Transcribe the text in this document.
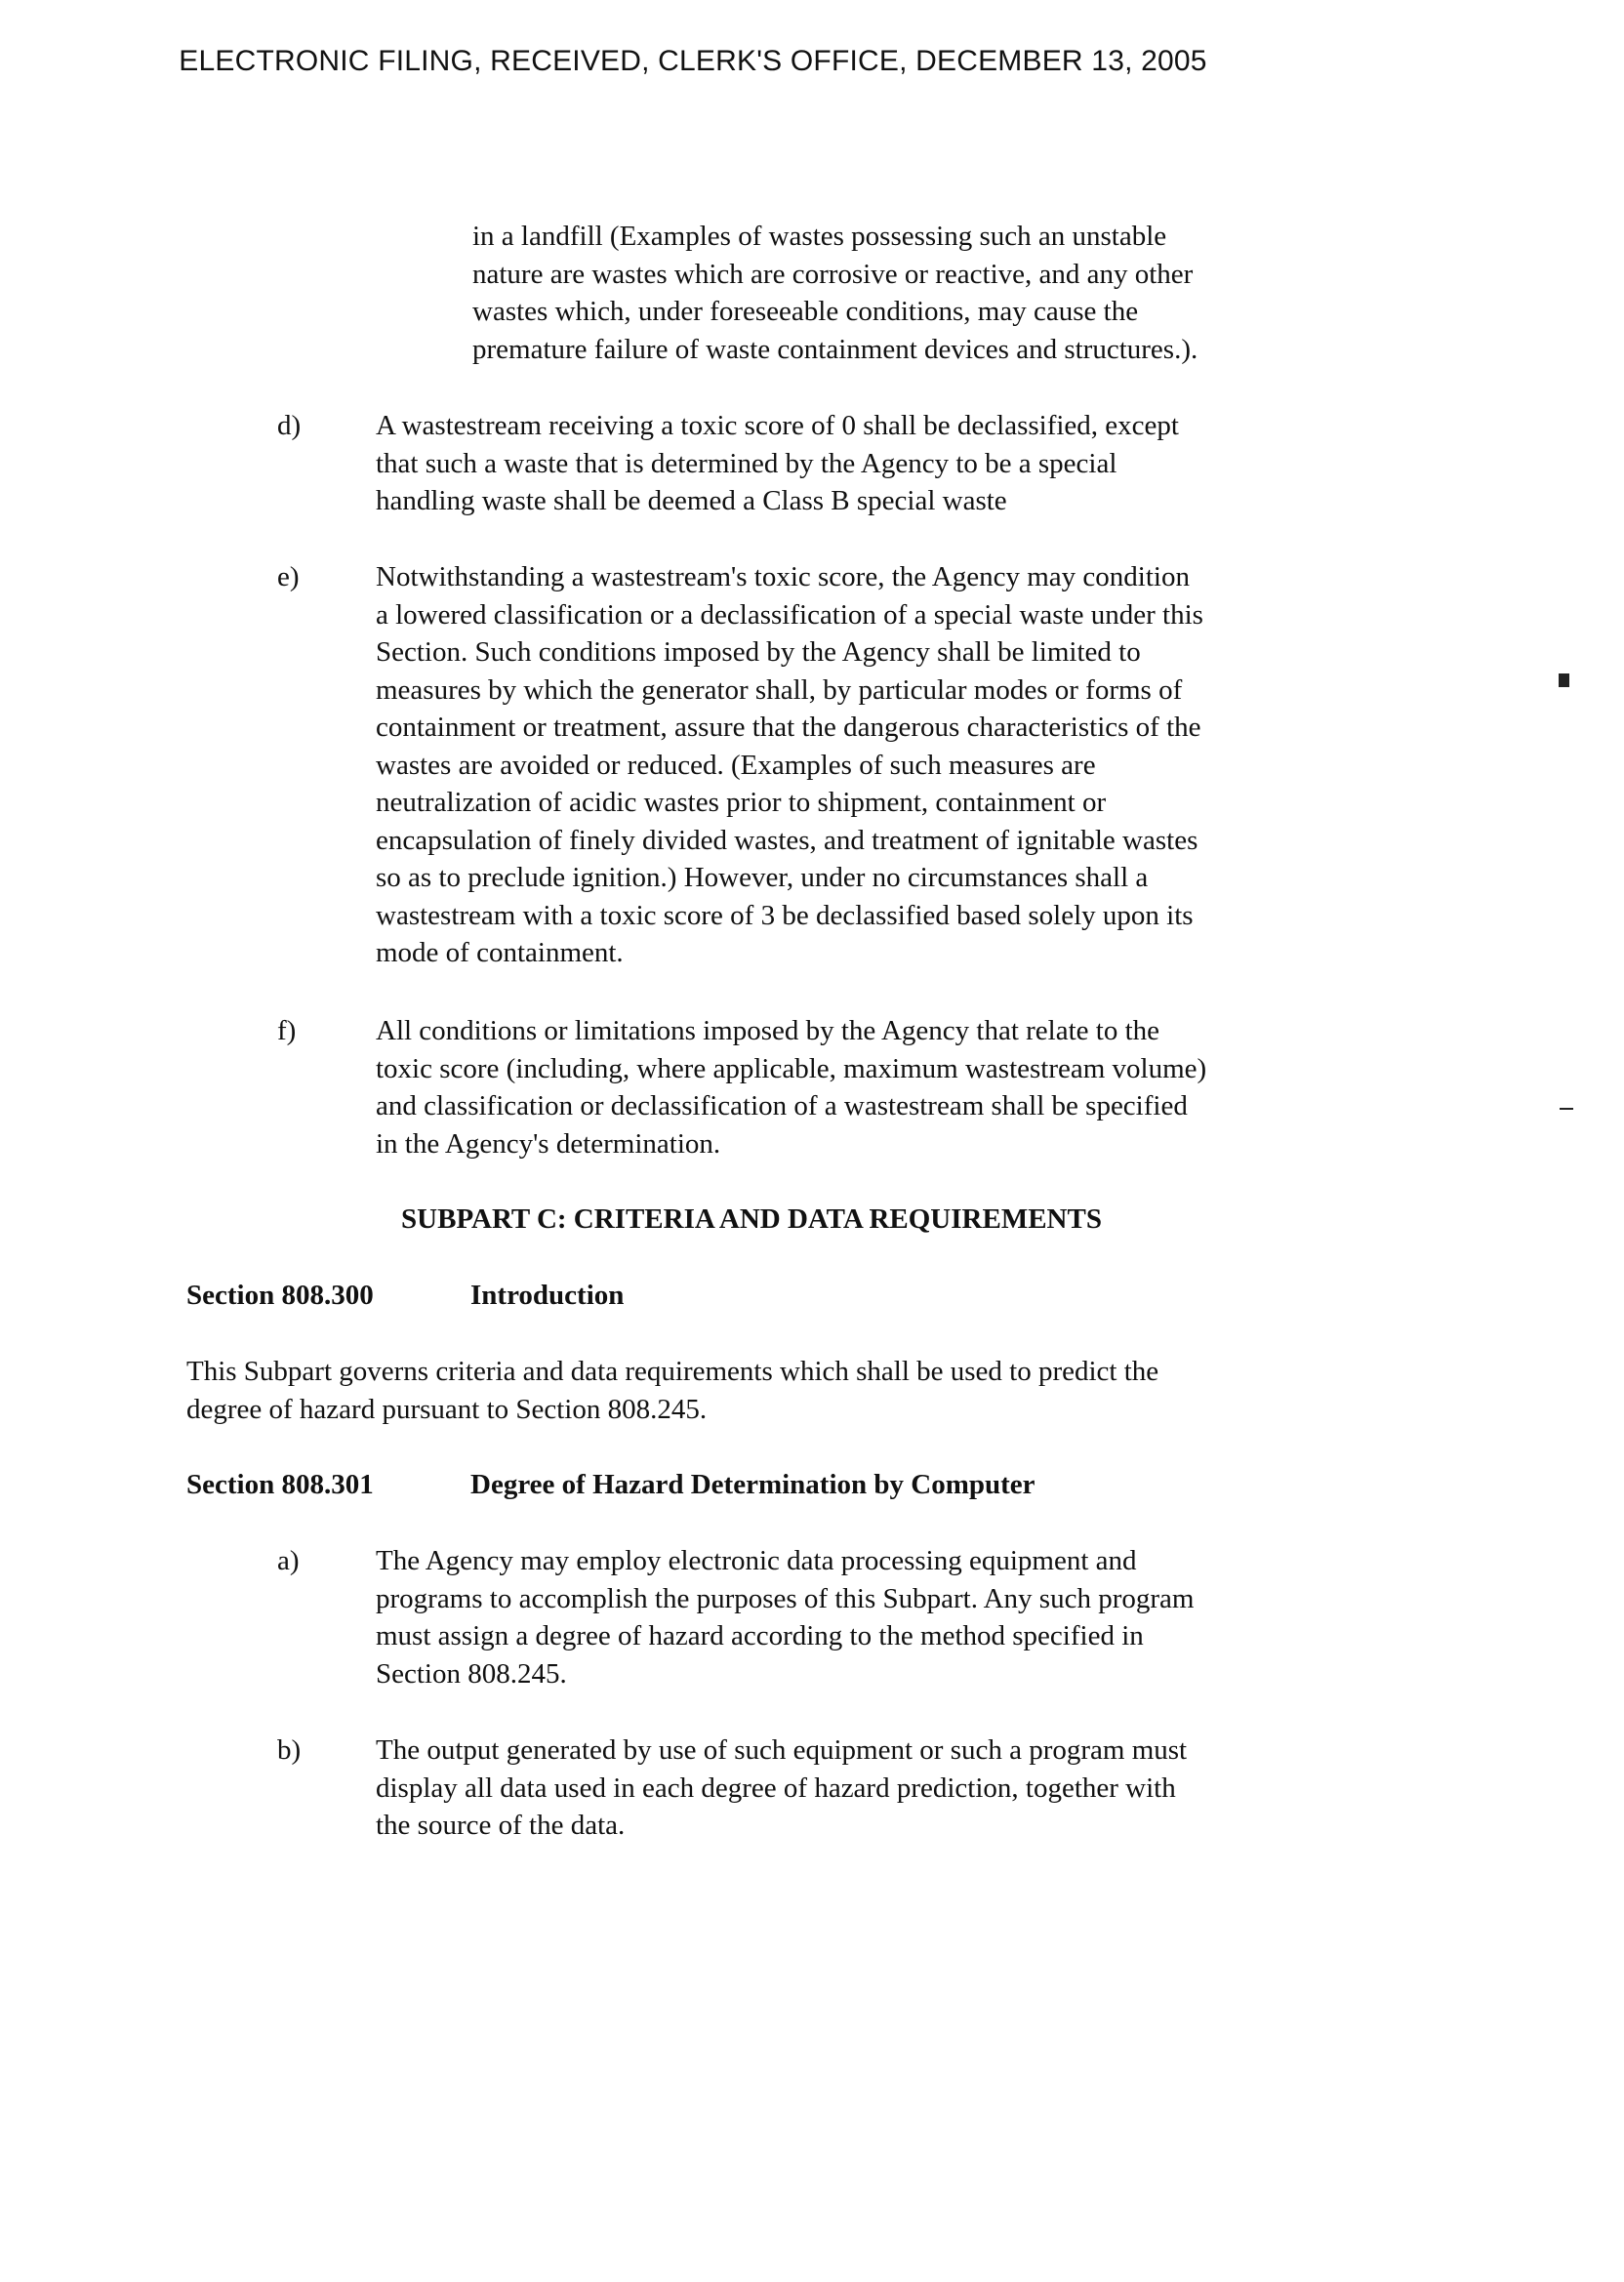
ELECTRONIC FILING, RECEIVED, CLERK'S OFFICE, DECEMBER 13, 2005
in a landfill (Examples of wastes possessing such an unstable
nature are wastes which are corrosive or reactive, and any other
wastes which, under foreseeable conditions, may cause the
premature failure of waste containment devices and structures.).
d)	A wastestream receiving a toxic score of 0 shall be declassified, except
that such a waste that is determined by the Agency to be a special
handling waste shall be deemed a Class B special waste
e)	Notwithstanding a wastestream's toxic score, the Agency may condition
a lowered classification or a declassification of a special waste under this
Section. Such conditions imposed by the Agency shall be limited to
measures by which the generator shall, by particular modes or forms of
containment or treatment, assure that the dangerous characteristics of the
wastes are avoided or reduced. (Examples of such measures are
neutralization of acidic wastes prior to shipment, containment or
encapsulation of finely divided wastes, and treatment of ignitable wastes
so as to preclude ignition.) However, under no circumstances shall a
wastestream with a toxic score of 3 be declassified based solely upon its
mode of containment.
f)	All conditions or limitations imposed by the Agency that relate to the
toxic score (including, where applicable, maximum wastestream volume)
and classification or declassification of a wastestream shall be specified
in the Agency's determination.
SUBPART C: CRITERIA AND DATA REQUIREMENTS
Section 808.300	Introduction
This Subpart governs criteria and data requirements which shall be used to predict the
degree of hazard pursuant to Section 808.245.
Section 808.301	Degree of Hazard Determination by Computer
a)	The Agency may employ electronic data processing equipment and
programs to accomplish the purposes of this Subpart. Any such program
must assign a degree of hazard according to the method specified in
Section 808.245.
b)	The output generated by use of such equipment or such a program must
display all data used in each degree of hazard prediction, together with
the source of the data.
